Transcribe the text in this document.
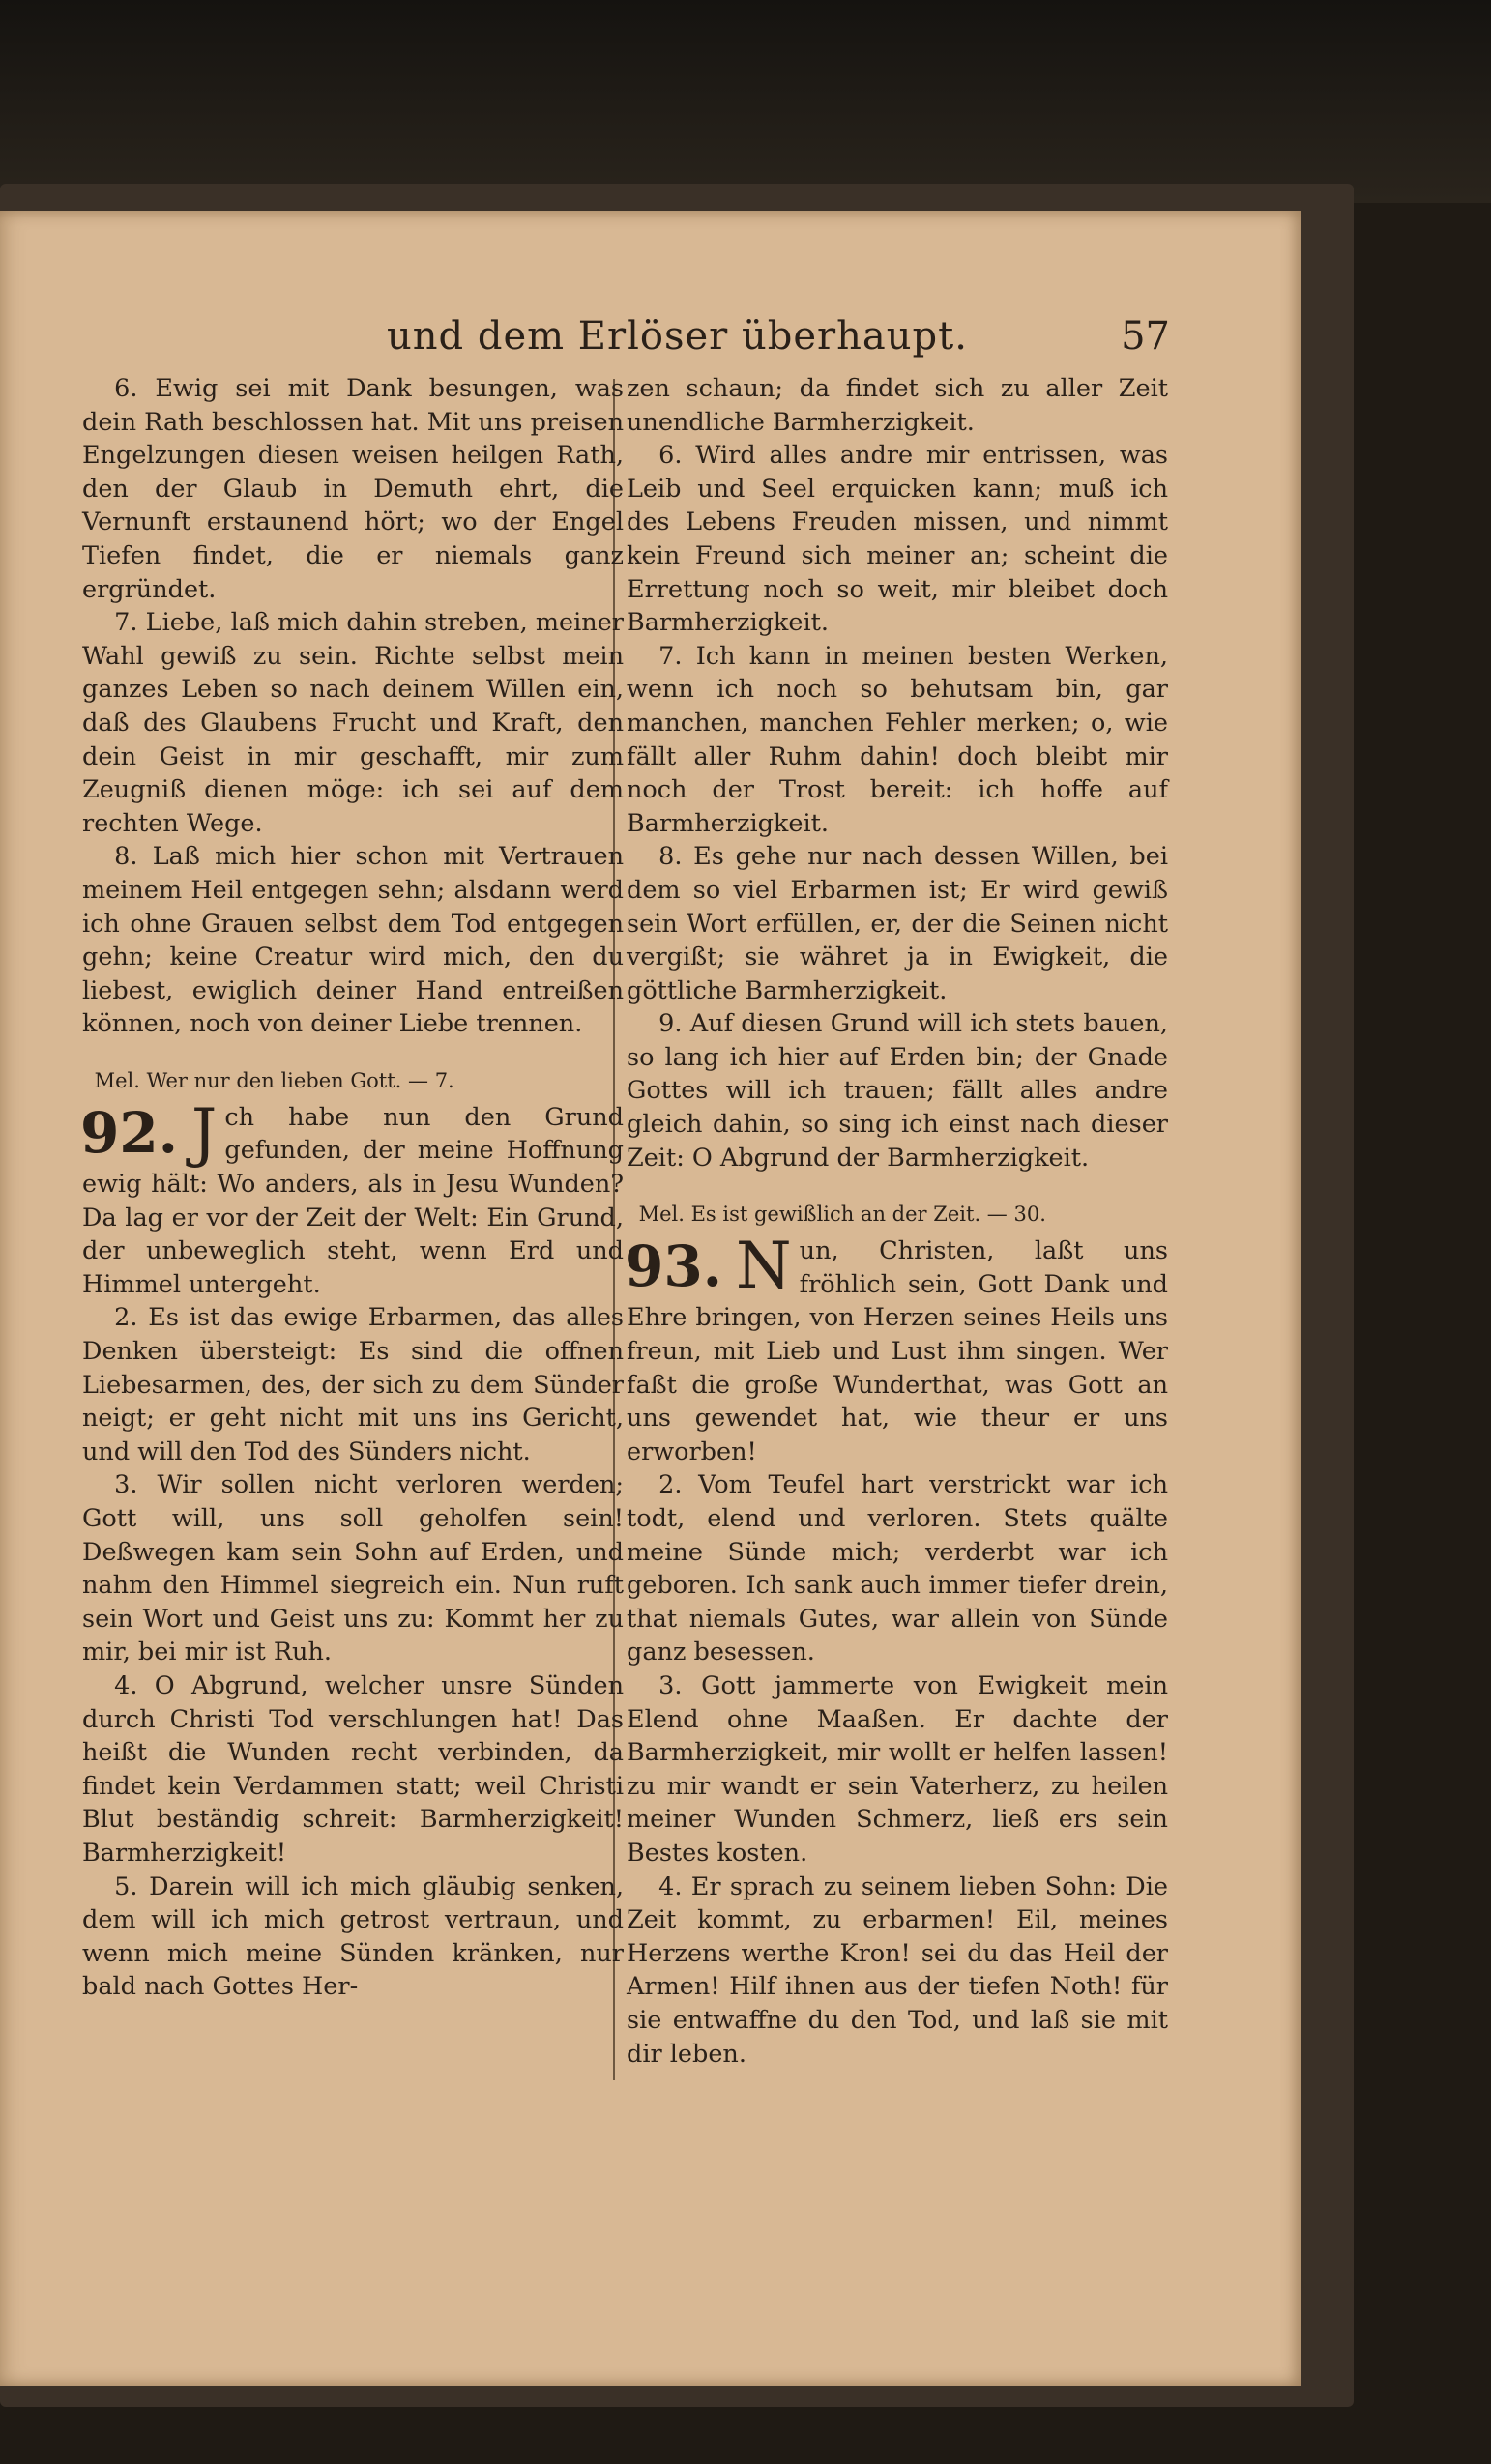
und dem Erlöser überhaupt.	57

6. Ewig sei mit Dank besungen, was dein Rath beschlossen hat. Mit uns preisen Engelzungen diesen weisen heilgen Rath, den der Glaub in Demuth ehrt, die Vernunft erstaunend hört; wo der Engel Tiefen findet, die er niemals ganz ergründet.

7. Liebe, laß mich dahin streben, meiner Wahl gewiß zu sein. Richte selbst mein ganzes Leben so nach deinem Willen ein, daß des Glaubens Frucht und Kraft, den dein Geist in mir geschafft, mir zum Zeugniß dienen möge: ich sei auf dem rechten Wege.

8. Laß mich hier schon mit Vertrauen meinem Heil entgegen sehn; alsdann werd ich ohne Grauen selbst dem Tod entgegen gehn; keine Creatur wird mich, den du liebest, ewiglich deiner Hand entreißen können, noch von deiner Liebe trennen.

Mel. Wer nur den lieben Gott. — 7.

92. J ch habe nun den Grund gefunden, der meine Hoffnung ewig hält: Wo anders, als in Jesu Wunden? Da lag er vor der Zeit der Welt: Ein Grund, der unbeweglich steht, wenn Erd und Himmel untergeht.

2. Es ist das ewige Erbarmen, das alles Denken übersteigt: Es sind die offnen Liebesarmen, des, der sich zu dem Sünder neigt; er geht nicht mit uns ins Gericht, und will den Tod des Sünders nicht.

3. Wir sollen nicht verloren werden; Gott will, uns soll geholfen sein! Deßwegen kam sein Sohn auf Erden, und nahm den Himmel siegreich ein. Nun ruft sein Wort und Geist uns zu: Kommt her zu mir, bei mir ist Ruh.

4. O Abgrund, welcher unsre Sünden durch Christi Tod verschlungen hat! Das heißt die Wunden recht verbinden, da findet kein Verdammen statt; weil Christi Blut beständig schreit: Barmherzigkeit! Barmherzigkeit!

5. Darein will ich mich gläubig senken, dem will ich mich getrost vertraun, und wenn mich meine Sünden kränken, nur bald nach Gottes Her-

zen schaun; da findet sich zu aller Zeit unendliche Barmherzigkeit.

6. Wird alles andre mir entrissen, was Leib und Seel erquicken kann; muß ich des Lebens Freuden missen, und nimmt kein Freund sich meiner an; scheint die Errettung noch so weit, mir bleibet doch Barmherzigkeit.

7. Ich kann in meinen besten Werken, wenn ich noch so behutsam bin, gar manchen, manchen Fehler merken; o, wie fällt aller Ruhm dahin! doch bleibt mir noch der Trost bereit: ich hoffe auf Barmherzigkeit.

8. Es gehe nur nach dessen Willen, bei dem so viel Erbarmen ist; Er wird gewiß sein Wort erfüllen, er, der die Seinen nicht vergißt; sie währet ja in Ewigkeit, die göttliche Barmherzigkeit.

9. Auf diesen Grund will ich stets bauen, so lang ich hier auf Erden bin; der Gnade Gottes will ich trauen; fällt alles andre gleich dahin, so sing ich einst nach dieser Zeit: O Abgrund der Barmherzigkeit.

Mel. Es ist gewißlich an der Zeit. — 30.

93. N un, Christen, laßt uns fröhlich sein, Gott Dank und Ehre bringen, von Herzen seines Heils uns freun, mit Lieb und Lust ihm singen. Wer faßt die große Wunderthat, was Gott an uns gewendet hat, wie theur er uns erworben!

2. Vom Teufel hart verstrickt war ich todt, elend und verloren. Stets quälte meine Sünde mich; verderbt war ich geboren. Ich sank auch immer tiefer drein, that niemals Gutes, war allein von Sünde ganz besessen.

3. Gott jammerte von Ewigkeit mein Elend ohne Maaßen. Er dachte der Barmherzigkeit, mir wollt er helfen lassen! zu mir wandt er sein Vaterherz, zu heilen meiner Wunden Schmerz, ließ ers sein Bestes kosten.

4. Er sprach zu seinem lieben Sohn: Die Zeit kommt, zu erbarmen! Eil, meines Herzens werthe Kron! sei du das Heil der Armen! Hilf ihnen aus der tiefen Noth! für sie entwaffne du den Tod, und laß sie mit dir leben.
